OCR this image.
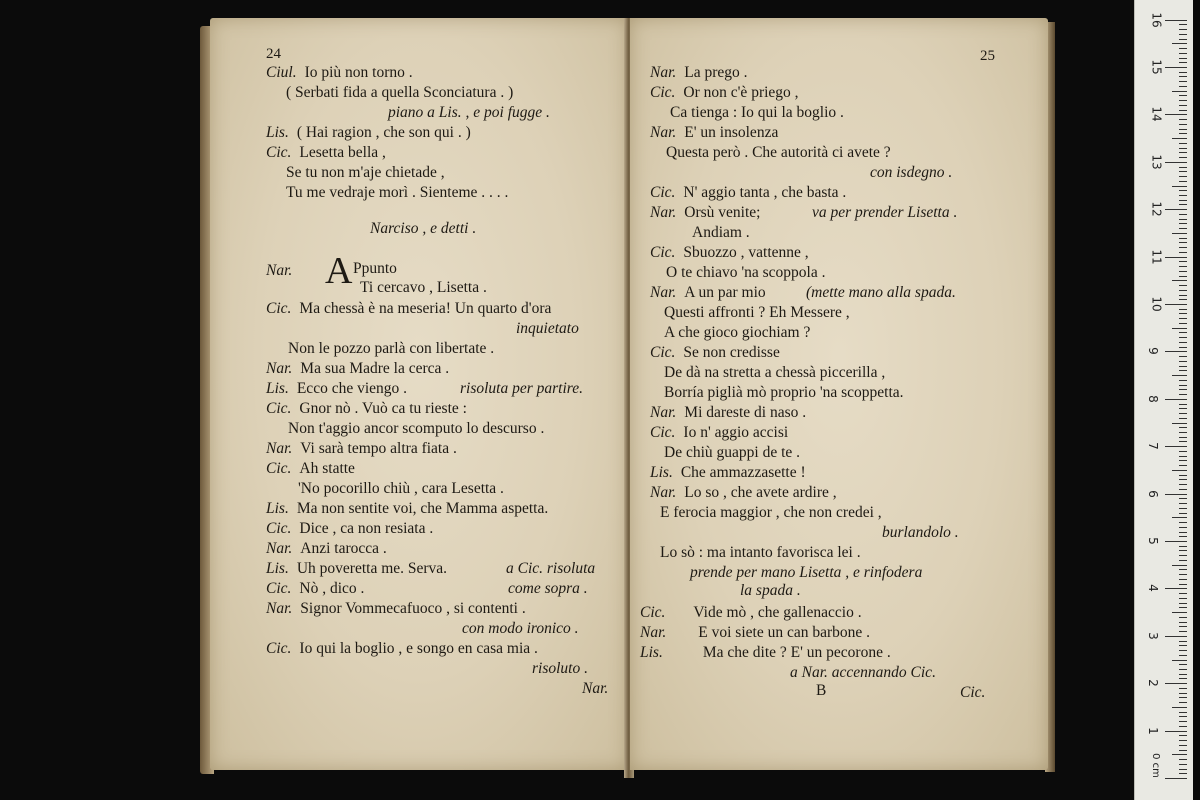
24
Ciul. Io più non torno .
( Serbati fida a quella Sconciatura . )
piano a Lis. , e poi fugge .
Lis. ( Hai ragion , che son qui . )
Cic. Lesetta bella ,
Se tu non m'aje chietade ,
Tu me vedraje morì . Sienteme . . . .
Narciso , e detti .
Nar. A Ppunto
Ti cercavo , Lisetta .
Cic. Ma chessà è na meseria! Un quarto d'ora
inquietato
Non le pozzo parlà con libertate .
Nar. Ma sua Madre la cerca .
Lis. Ecco che viengo .	risoluta per partire.
Cic. Gnor nò . Vuò ca tu rieste :
Non t'aggio ancor scomputo lo descurso .
Nar. Vi sarà tempo altra fiata .
Cic. Ah statte
'No pocorillo chiù , cara Lesetta .
Lis. Ma non sentite voi, che Mamma aspetta.
Cic. Dice , ca non resiata .
Nar. Anzi tarocca .
Lis. Uh poveretta me. Serva.	a Cic. risoluta
Cic. Nò , dico .	come sopra .
Nar. Signor Vommecafuoco , si contenti .
con modo ironico .
Cic. Io qui la boglio , e songo en casa mia .
risoluto .
Nar.
25
Nar. La prego .
Cic. Or non c'è priego ,
Ca tienga : Io qui la boglio .
Nar. E' un insolenza
Questa però . Che autorità ci avete ?
con isdegno .
Cic. N' aggio tanta , che basta .
Nar. Orsù venite;	va per prender Lisetta .
Andiam .
Cic. Sbuozzo , vattenne ,
O te chiavo 'na scoppola .
Nar. A un par mio	(mette mano alla spada.
Questi affronti ? Eh Messere ,
A che gioco giochiam ?
Cic. Se non credisse
De dà na stretta a chessà piccerilla ,
Borría piglià mò proprio 'na scoppetta.
Nar. Mi dareste di naso .
Cic. Io n' aggio accisi
De chiù guappi de te .
Lis. Che ammazzasette !
Nar. Lo so , che avete ardire ,
E ferocia maggior , che non credei ,
burlandolo .
Lo sò : ma intanto favorisca lei .
prende per mano Lisetta , e rinfodera
la spada .
Cic. Vide mò , che gallenaccio .
Nar. E voi siete un can barbone .
Lis.	Ma che dite ? E' un pecorone .
a Nar. accennando Cic.
B	Cic.
0 cm
1
2
3
4
5
6
7
8
9
10
11
12
13
14
15
16
